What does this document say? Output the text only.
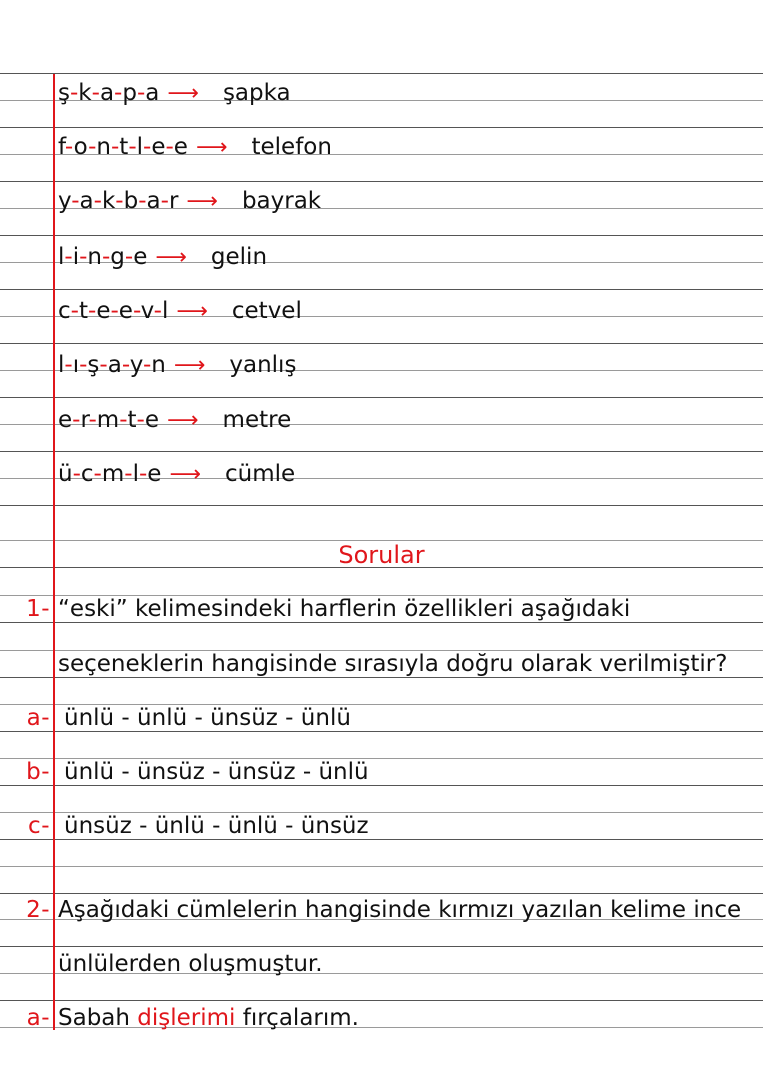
ş-k-a-p-a ⟶ şapka
f-o-n-t-l-e-e ⟶ telefon
y-a-k-b-a-r ⟶ bayrak
l-i-n-g-e ⟶ gelin
c-t-e-e-v-l ⟶ cetvel
l-ı-ş-a-y-n ⟶ yanlış
e-r-m-t-e ⟶ metre
ü-c-m-l-e ⟶ cümle
Sorular
1- “eski” kelimesindeki harflerin özellikleri aşağıdaki
seçeneklerin hangisinde sırasıyla doğru olarak verilmiştir?
a- ünlü - ünlü - ünsüz - ünlü
b- ünlü - ünsüz - ünsüz - ünlü
c- ünsüz - ünlü - ünlü - ünsüz
2- Aşağıdaki cümlelerin hangisinde kırmızı yazılan kelime ince
ünlülerden oluşmuştur.
a- Sabah dişlerimi fırçalarım.
